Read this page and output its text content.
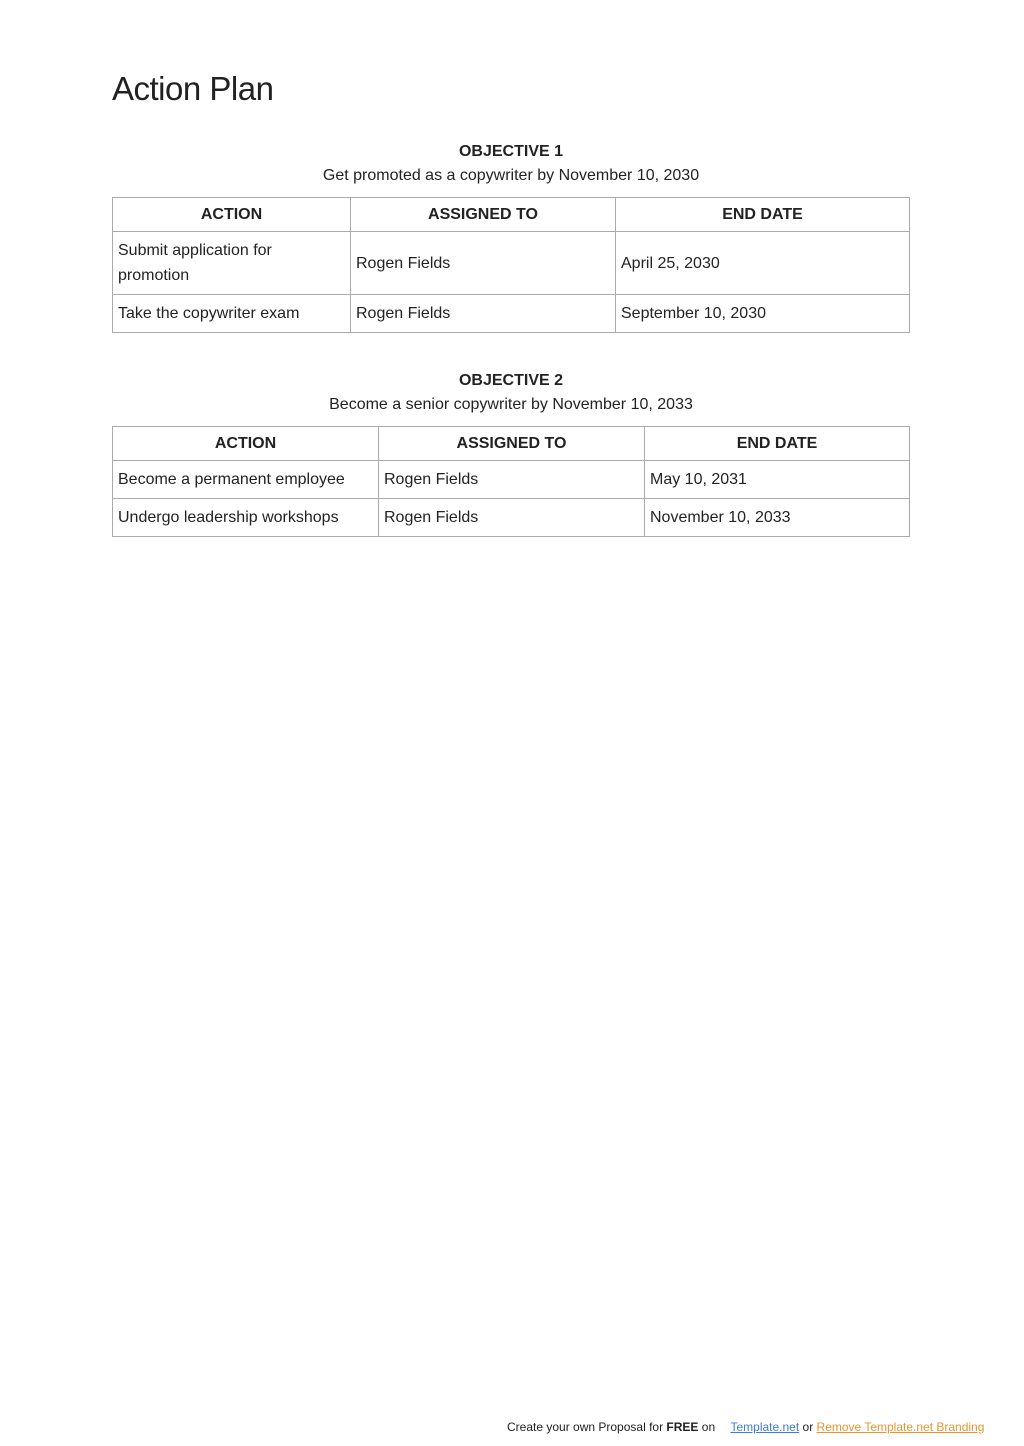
Action Plan
OBJECTIVE 1
Get promoted as a copywriter by November 10, 2030
ACTION	ASSIGNED TO	END DATE
Submit application for promotion	Rogen Fields	April 25, 2030
Take the copywriter exam	Rogen Fields	September 10, 2030
OBJECTIVE 2
Become a senior copywriter by November 10, 2033
ACTION	ASSIGNED TO	END DATE
Become a permanent employee	Rogen Fields	May 10, 2031
Undergo leadership workshops	Rogen Fields	November 10, 2033
Create your own Proposal for FREE on Template.net or Remove Template.net Branding
